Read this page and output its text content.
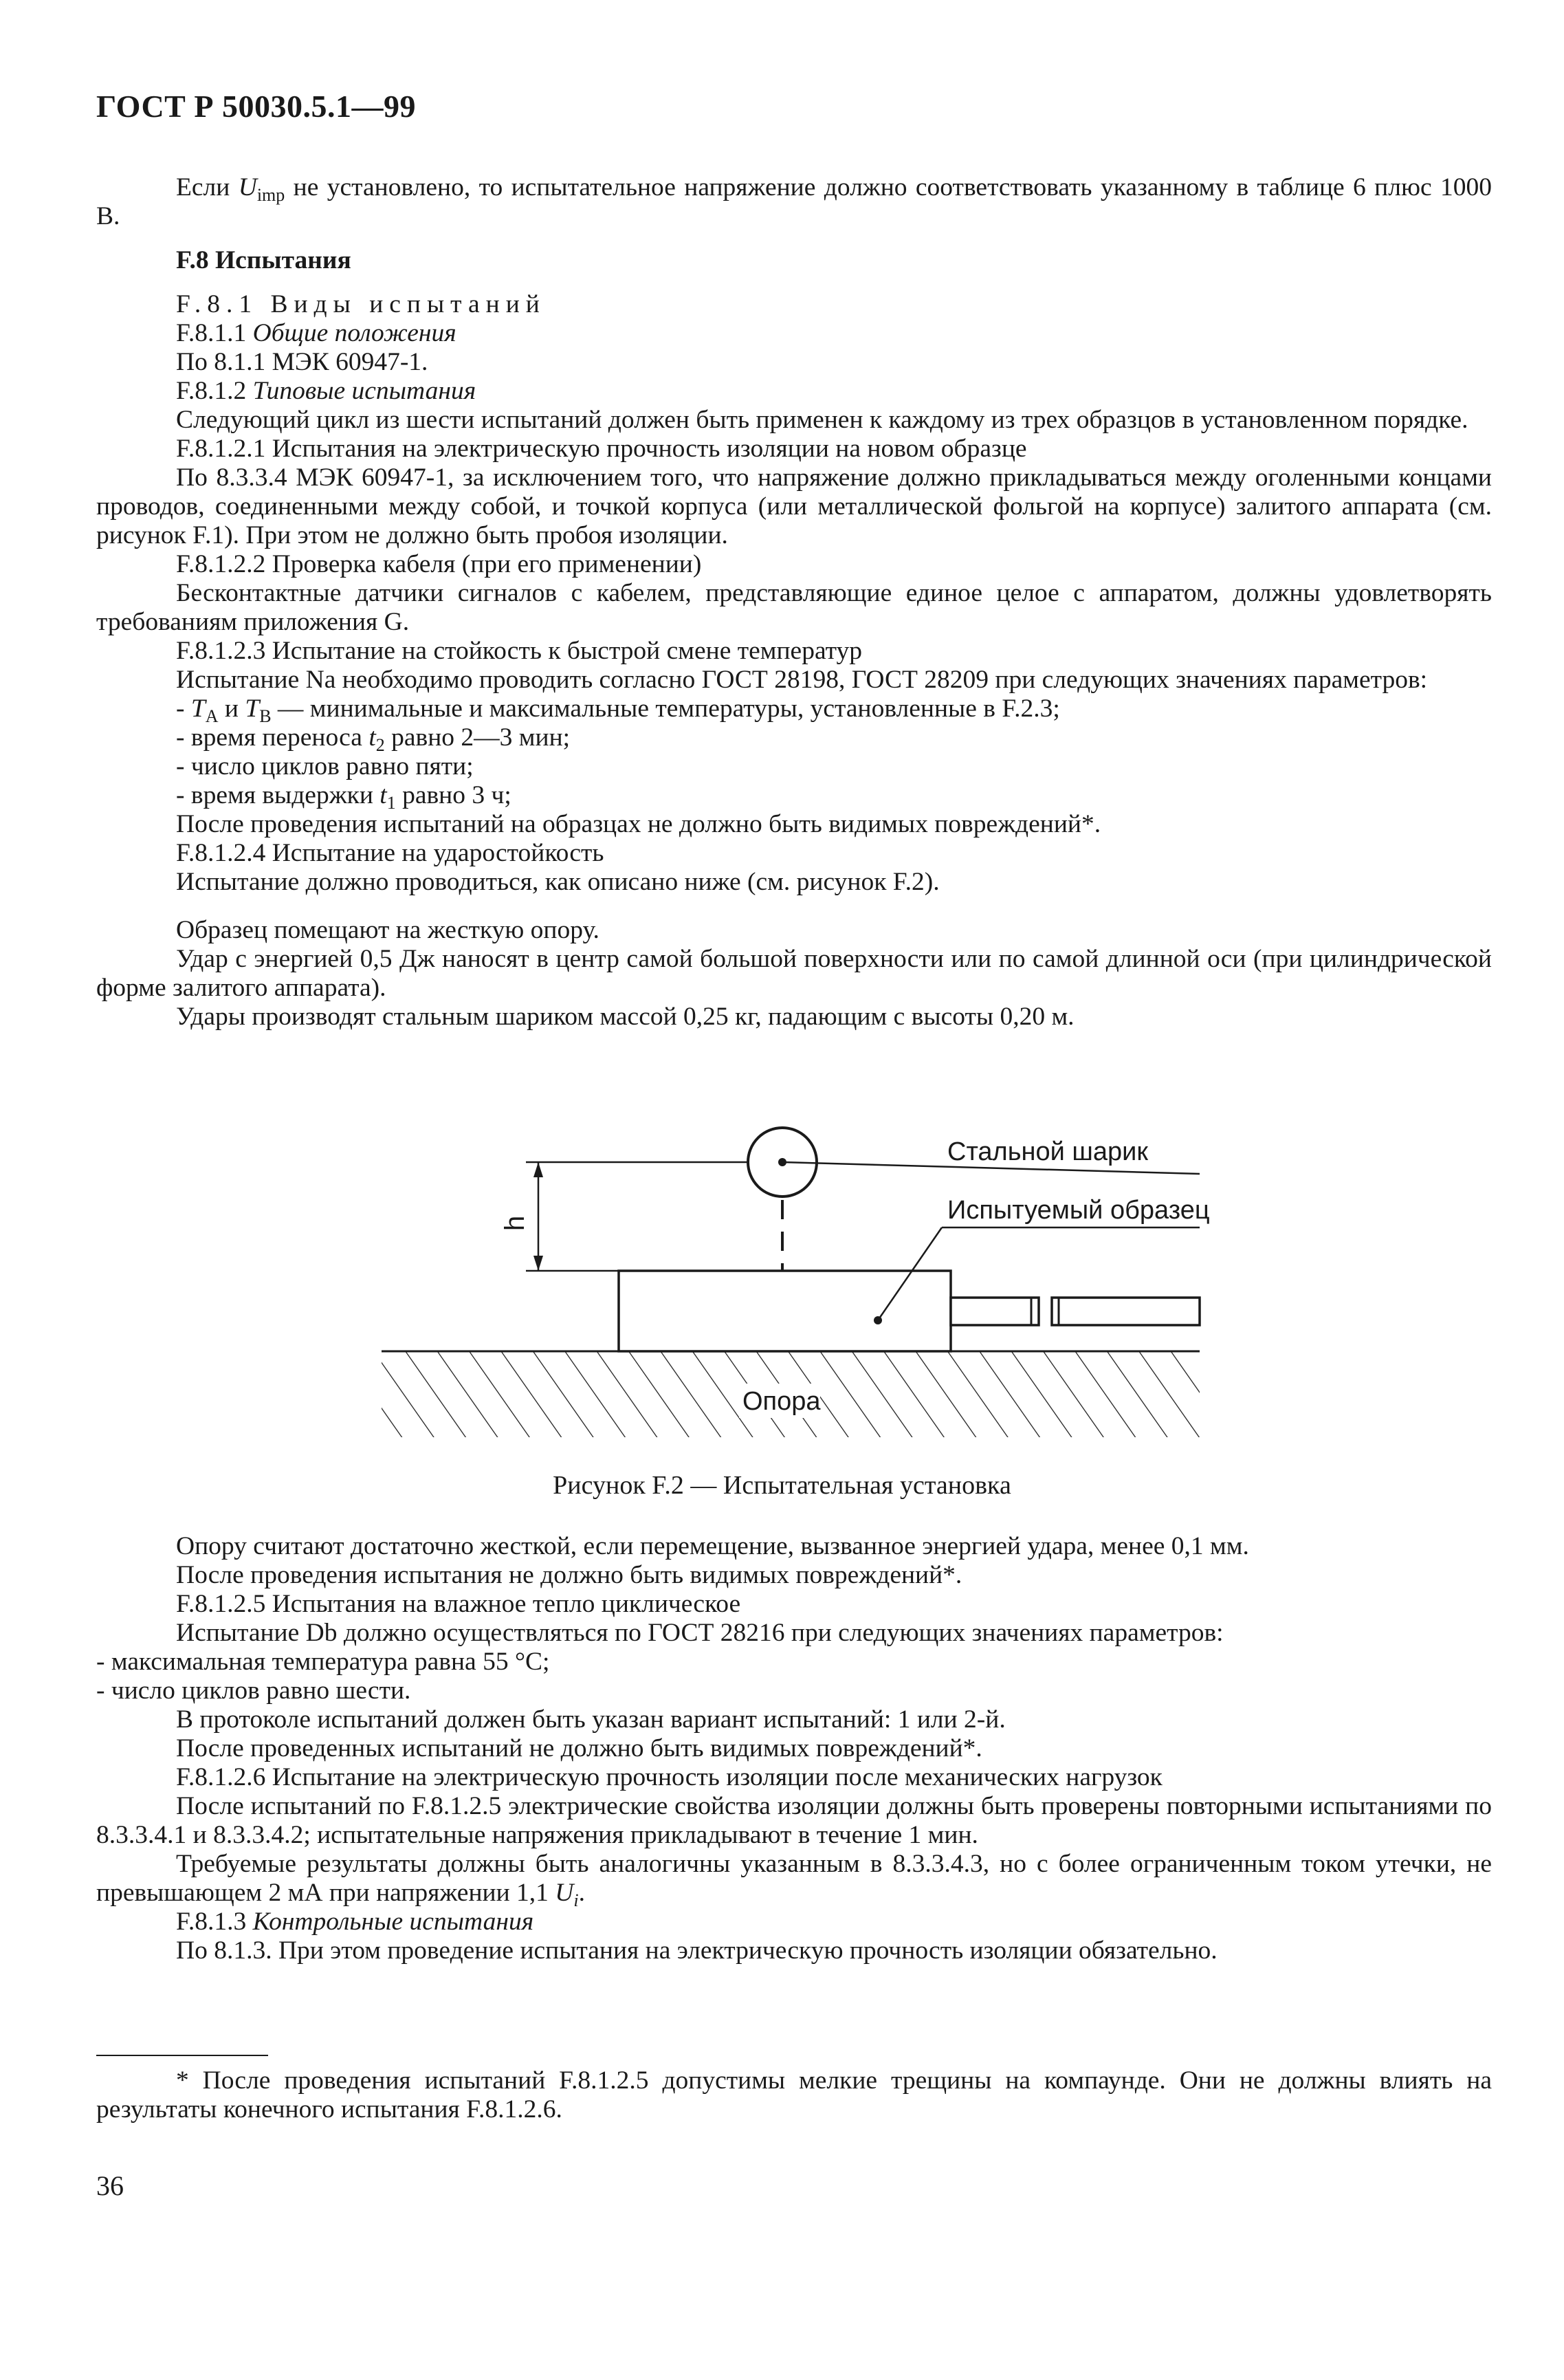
ГОСТ Р 50030.5.1—99

Если $U_{imp}$ не установлено, то испытательное напряжение должно соответствовать указанному в таблице 6 плюс 1000 В.

F.8 Испытания

F.8.1 Виды испытаний

F.8.1.1 Общие положения

По 8.1.1 МЭК 60947-1.

F.8.1.2 Типовые испытания

Следующий цикл из шести испытаний должен быть применен к каждому из трех образцов в установленном порядке.

F.8.1.2.1 Испытания на электрическую прочность изоляции на новом образце

По 8.3.3.4 МЭК 60947-1, за исключением того, что напряжение должно прикладываться между оголенными концами проводов, соединенными между собой, и точкой корпуса (или металлической фольгой на корпусе) залитого аппарата (см. рисунок F.1). При этом не должно быть пробоя изоляции.

F.8.1.2.2 Проверка кабеля (при его применении)

Бесконтактные датчики сигналов с кабелем, представляющие единое целое с аппаратом, должны удовлетворять требованиям приложения G.

F.8.1.2.3 Испытание на стойкость к быстрой смене температур

Испытание Na необходимо проводить согласно ГОСТ 28198, ГОСТ 28209 при следующих значениях параметров:

- $T_A$ и $T_B$ — минимальные и максимальные температуры, установленные в F.2.3;

- время переноса $t_2$ равно 2—3 мин;

- число циклов равно пяти;

- время выдержки $t_1$ равно 3 ч;

После проведения испытаний на образцах не должно быть видимых повреждений*.

F.8.1.2.4 Испытание на ударостойкость

Испытание должно проводиться, как описано ниже (см. рисунок F.2).

Образец помещают на жесткую опору.

Удар с энергией 0,5 Дж наносят в центр самой большой поверхности или по самой длинной оси (при цилиндрической форме залитого аппарата).

Удары производят стальным шариком массой 0,25 кг, падающим с высоты 0,20 м.

Опора
h
Стальной шарик
Испытуемый образец
Рисунок F.2 — Испытательная установка

Опору считают достаточно жесткой, если перемещение, вызванное энергией удара, менее 0,1 мм.

После проведения испытания не должно быть видимых повреждений*.

F.8.1.2.5 Испытания на влажное тепло циклическое

Испытание Db должно осуществляться по ГОСТ 28216 при следующих значениях параметров:

- максимальная температура равна 55 °С;

- число циклов равно шести.

В протоколе испытаний должен быть указан вариант испытаний: 1 или 2-й.

После проведенных испытаний не должно быть видимых повреждений*.

F.8.1.2.6 Испытание на электрическую прочность изоляции после механических нагрузок

После испытаний по F.8.1.2.5 электрические свойства изоляции должны быть проверены повторными испытаниями по 8.3.3.4.1 и 8.3.3.4.2; испытательные напряжения прикладывают в течение 1 мин.

Требуемые результаты должны быть аналогичны указанным в 8.3.3.4.3, но с более ограниченным током утечки, не превышающем 2 мА при напряжении 1,1 $U_i$.

F.8.1.3 Контрольные испытания

По 8.1.3. При этом проведение испытания на электрическую прочность изоляции обязательно.

* После проведения испытаний F.8.1.2.5 допустимы мелкие трещины на компаунде. Они не должны влиять на результаты конечного испытания F.8.1.2.6.
36
